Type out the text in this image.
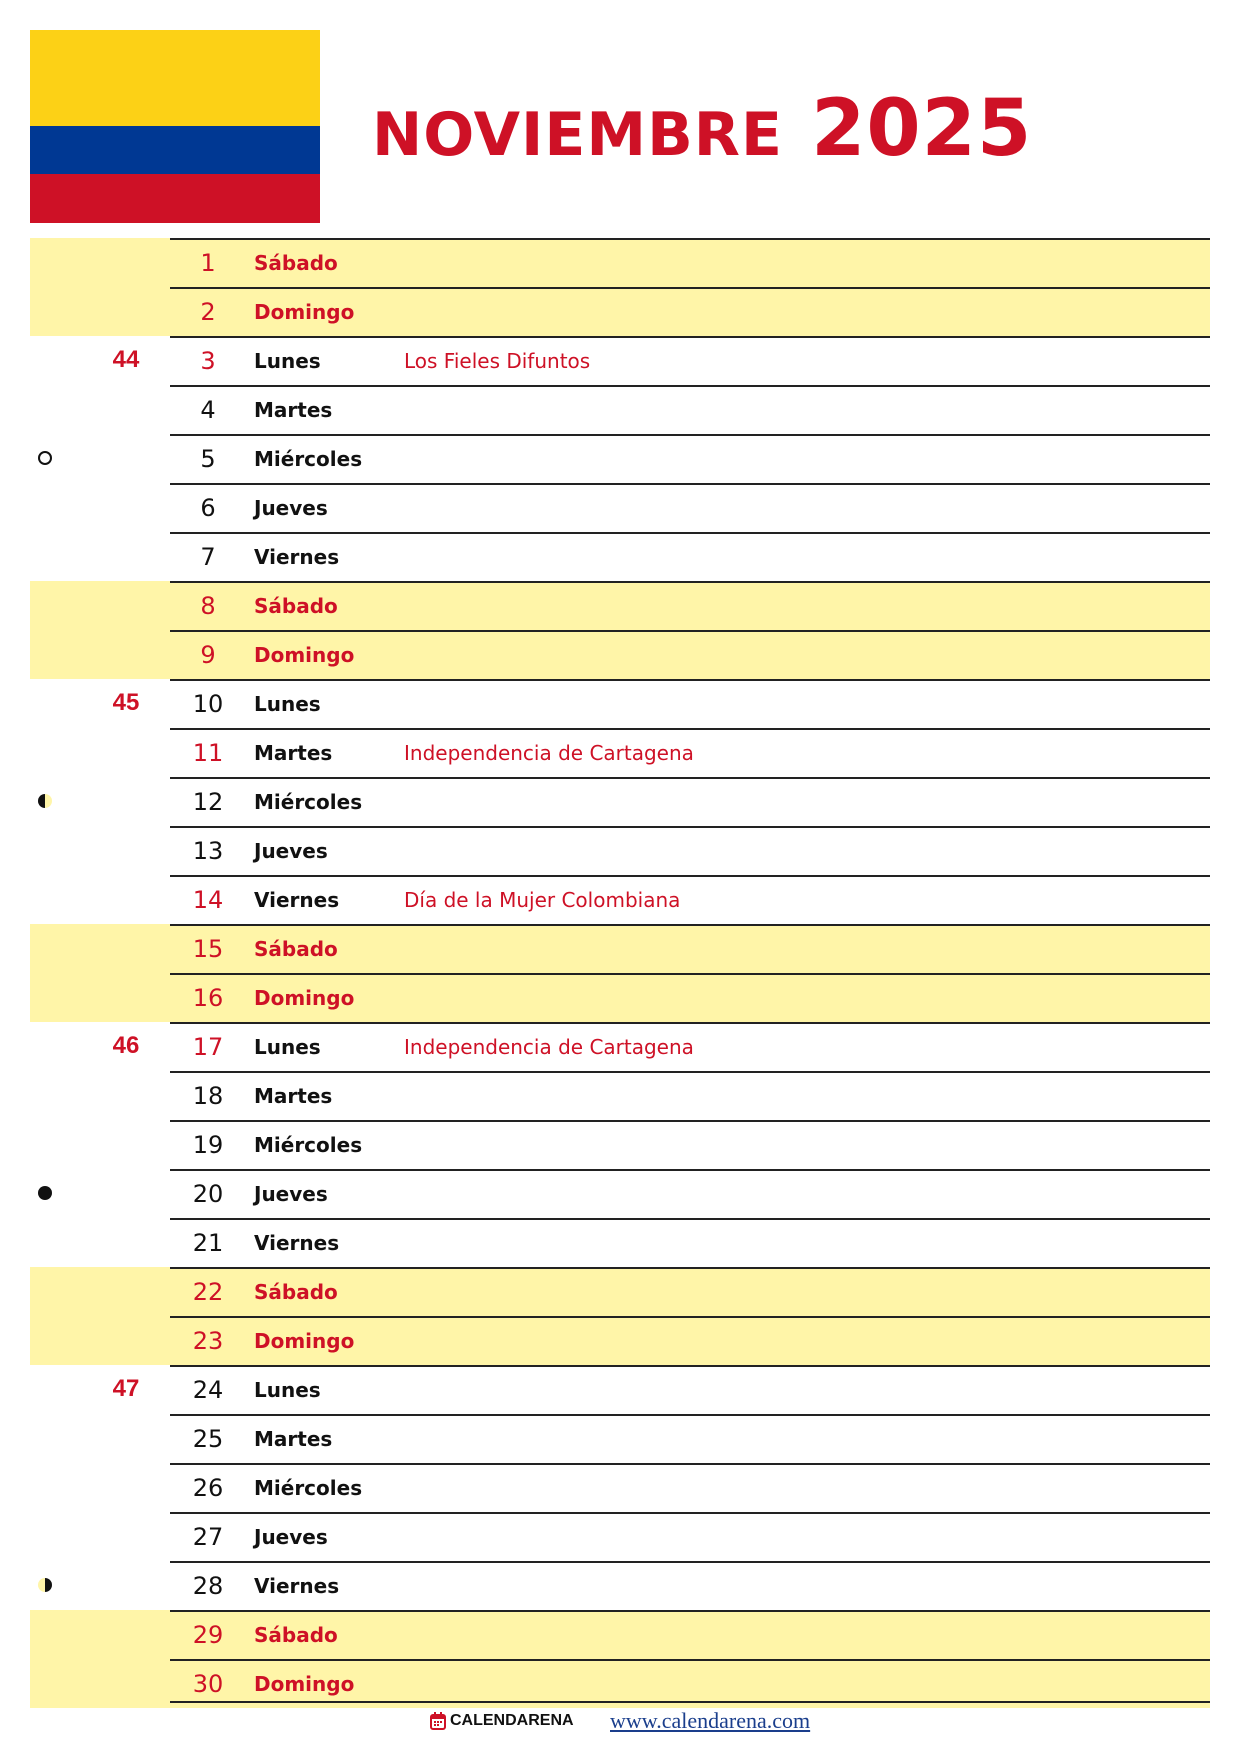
NOVIEMBRE 2025
1	Sábado
2	Domingo
44	3	Lunes	Los Fieles Difuntos
4	Martes
5	Miércoles
6	Jueves
7	Viernes
8	Sábado
9	Domingo
45	10	Lunes
11	Martes	Independencia de Cartagena
12	Miércoles
13	Jueves
14	Viernes	Día de la Mujer Colombiana
15	Sábado
16	Domingo
46	17	Lunes	Independencia de Cartagena
18	Martes
19	Miércoles
20	Jueves
21	Viernes
22	Sábado
23	Domingo
47	24	Lunes
25	Martes
26	Miércoles
27	Jueves
28	Viernes
29	Sábado
30	Domingo
CALENDARENA www.calendarena.com
